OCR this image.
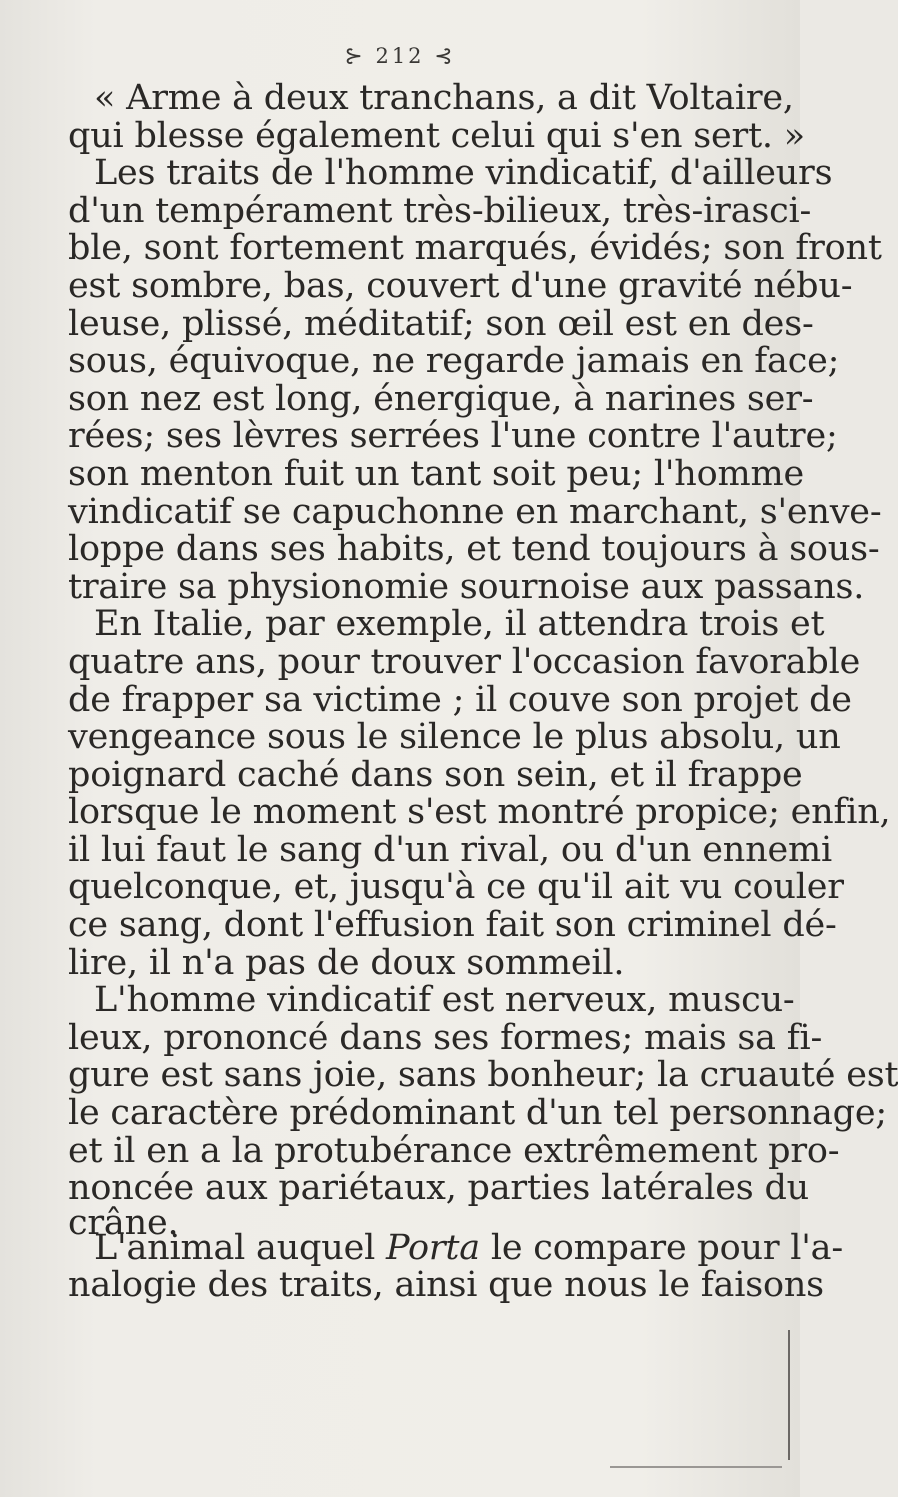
⊱ 212 ⊰
« Arme à deux tranchans, a dit Voltaire,
qui blesse également celui qui s'en sert. »
Les traits de l'homme vindicatif, d'ailleurs
d'un tempérament très-bilieux, très-irasci-
ble, sont fortement marqués, évidés; son front
est sombre, bas, couvert d'une gravité nébu-
leuse, plissé, méditatif; son œil est en des-
sous, équivoque, ne regarde jamais en face;
son nez est long, énergique, à narines ser-
rées; ses lèvres serrées l'une contre l'autre;
son menton fuit un tant soit peu; l'homme
vindicatif se capuchonne en marchant, s'enve-
loppe dans ses habits, et tend toujours à sous-
traire sa physionomie sournoise aux passans.
En Italie, par exemple, il attendra trois et
quatre ans, pour trouver l'occasion favorable
de frapper sa victime ; il couve son projet de
vengeance sous le silence le plus absolu, un
poignard caché dans son sein, et il frappe
lorsque le moment s'est montré propice; enfin,
il lui faut le sang d'un rival, ou d'un ennemi
quelconque, et, jusqu'à ce qu'il ait vu couler
ce sang, dont l'effusion fait son criminel dé-
lire, il n'a pas de doux sommeil.
L'homme vindicatif est nerveux, muscu-
leux, prononcé dans ses formes; mais sa fi-
gure est sans joie, sans bonheur; la cruauté est
le caractère prédominant d'un tel personnage;
et il en a la protubérance extrêmement pro-
noncée aux pariétaux, parties latérales du
crâne.
L'animal auquel Porta le compare pour l'a-
nalogie des traits, ainsi que nous le faisons
